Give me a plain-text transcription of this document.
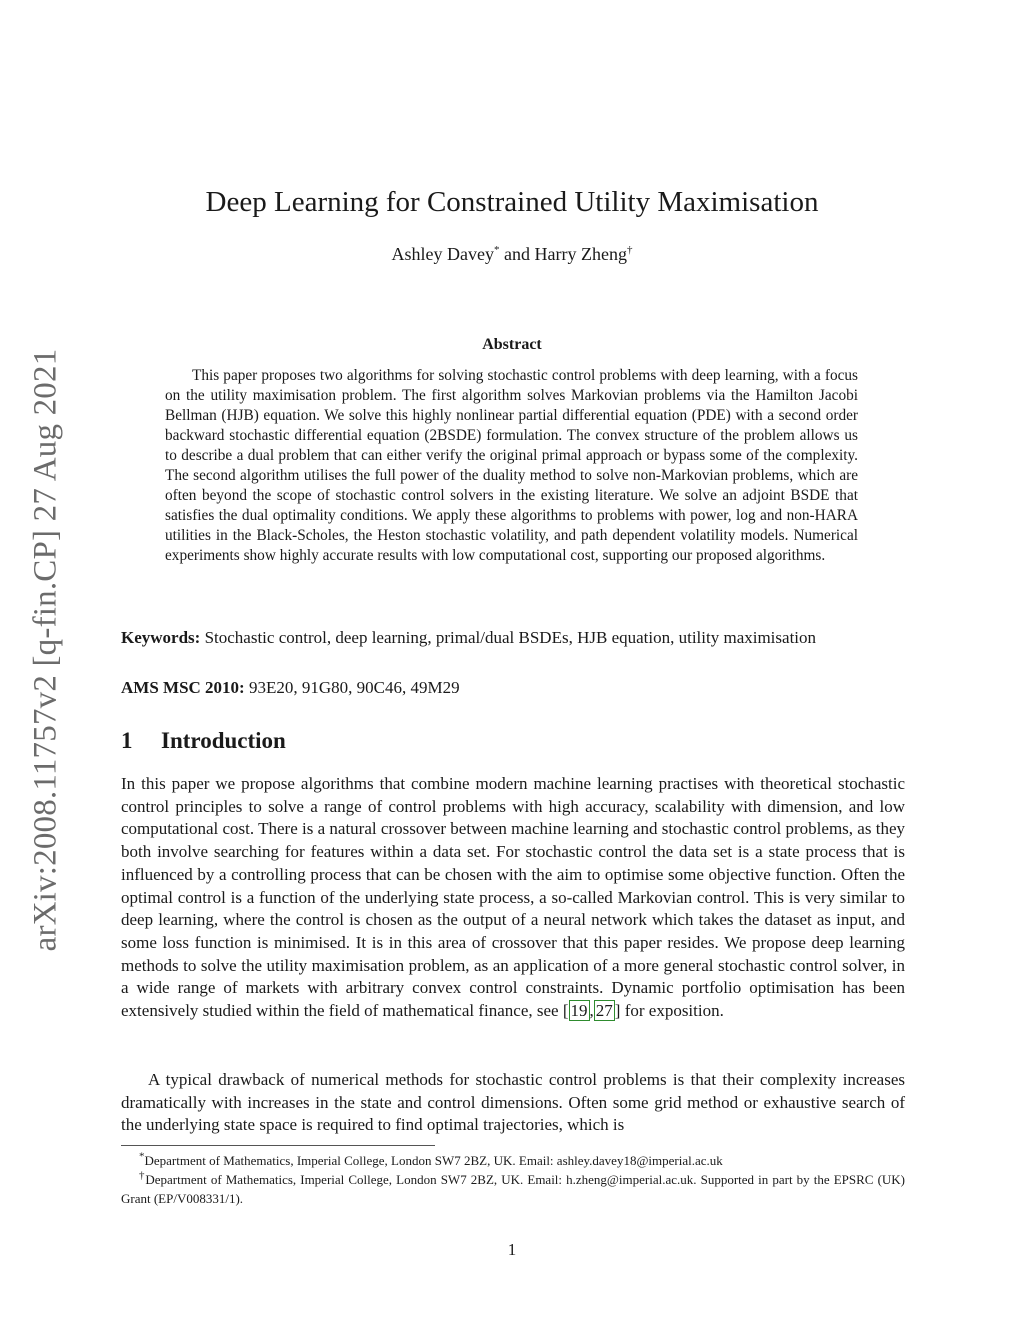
arXiv:2008.11757v2 [q-fin.CP] 27 Aug 2021
Deep Learning for Constrained Utility Maximisation
Ashley Davey* and Harry Zheng†
Abstract
This paper proposes two algorithms for solving stochastic control problems with deep learning, with a focus on the utility maximisation problem. The first algorithm solves Markovian problems via the Hamilton Jacobi Bellman (HJB) equation. We solve this highly nonlinear partial differential equation (PDE) with a second order backward stochastic differential equation (2BSDE) formulation. The convex structure of the problem allows us to describe a dual problem that can either verify the original primal approach or bypass some of the complexity. The second algorithm utilises the full power of the duality method to solve non-Markovian problems, which are often beyond the scope of stochastic control solvers in the existing literature. We solve an adjoint BSDE that satisfies the dual optimality conditions. We apply these algorithms to problems with power, log and non-HARA utilities in the Black-Scholes, the Heston stochastic volatility, and path dependent volatility models. Numerical experiments show highly accurate results with low computational cost, supporting our proposed algorithms.
Keywords: Stochastic control, deep learning, primal/dual BSDEs, HJB equation, utility maximisation
AMS MSC 2010: 93E20, 91G80, 90C46, 49M29
1 Introduction
In this paper we propose algorithms that combine modern machine learning practises with theoretical stochastic control principles to solve a range of control problems with high accuracy, scalability with dimension, and low computational cost. There is a natural crossover between machine learning and stochastic control problems, as they both involve searching for features within a data set. For stochastic control the data set is a state process that is influenced by a controlling process that can be chosen with the aim to optimise some objective function. Often the optimal control is a function of the underlying state process, a so-called Markovian control. This is very similar to deep learning, where the control is chosen as the output of a neural network which takes the dataset as input, and some loss function is minimised. It is in this area of crossover that this paper resides. We propose deep learning methods to solve the utility maximisation problem, as an application of a more general stochastic control solver, in a wide range of markets with arbitrary convex control constraints. Dynamic portfolio optimisation has been extensively studied within the field of mathematical finance, see [ 19 , 27 ] for exposition.
A typical drawback of numerical methods for stochastic control problems is that their complexity increases dramatically with increases in the state and control dimensions. Often some grid method or exhaustive search of the underlying state space is required to find optimal trajectories, which is
*Department of Mathematics, Imperial College, London SW7 2BZ, UK. Email: ashley.davey18@imperial.ac.uk
†Department of Mathematics, Imperial College, London SW7 2BZ, UK. Email: h.zheng@imperial.ac.uk. Supported in part by the EPSRC (UK) Grant (EP/V008331/1).
1
